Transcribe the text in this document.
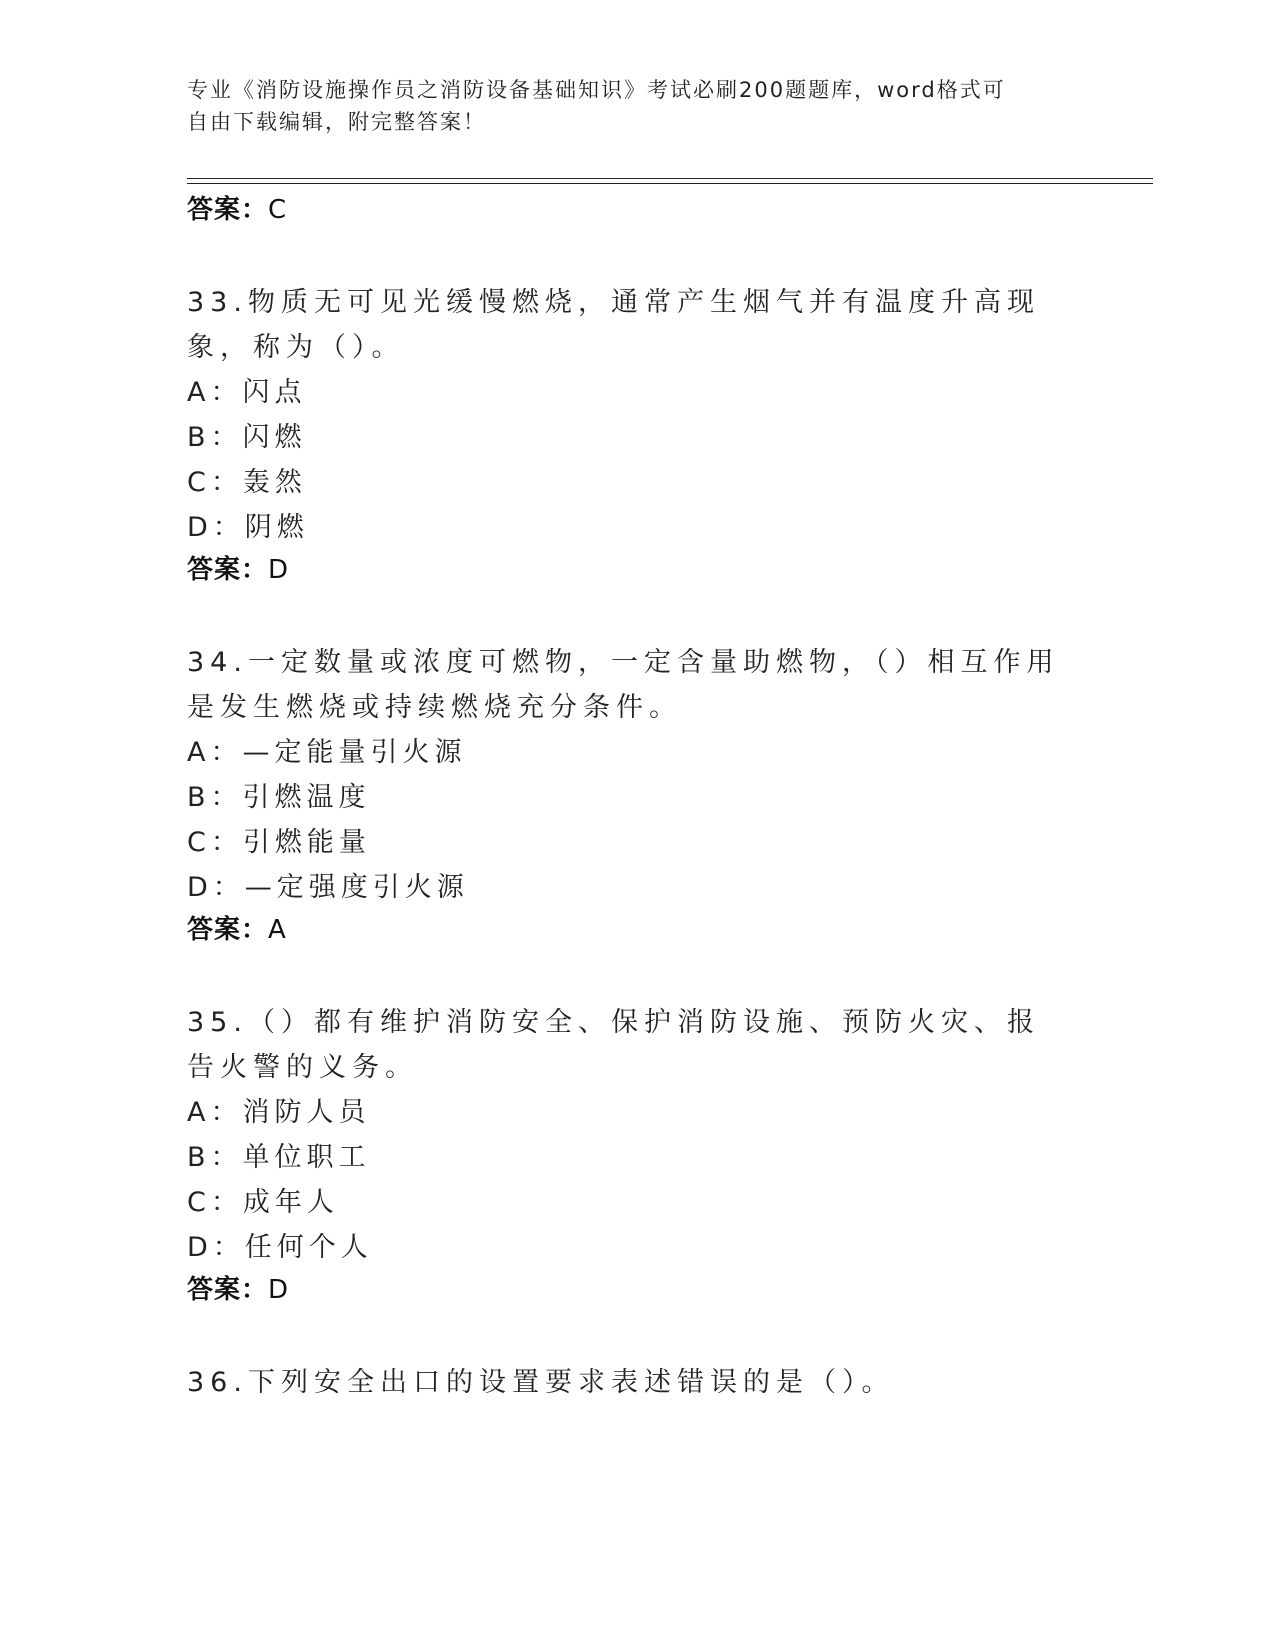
专业《消防设施操作员之消防设备基础知识》考试必刷200题题库，word格式可
自由下载编辑，附完整答案！
答案：C
33.物质无可见光缓慢燃烧，通常产生烟气并有温度升高现象，称为（）。
A：闪点
B：闪燃
C：轰然
D：阴燃
答案：D
34.一定数量或浓度可燃物，一定含量助燃物，（）相互作用是发生燃烧或持续燃烧充分条件。
A：—定能量引火源
B：引燃温度
C：引燃能量
D：—定强度引火源
答案：A
35.（）都有维护消防安全、保护消防设施、预防火灾、报告火警的义务。
A：消防人员
B：单位职工
C：成年人
D：任何个人
答案：D
36.下列安全出口的设置要求表述错误的是（）。
